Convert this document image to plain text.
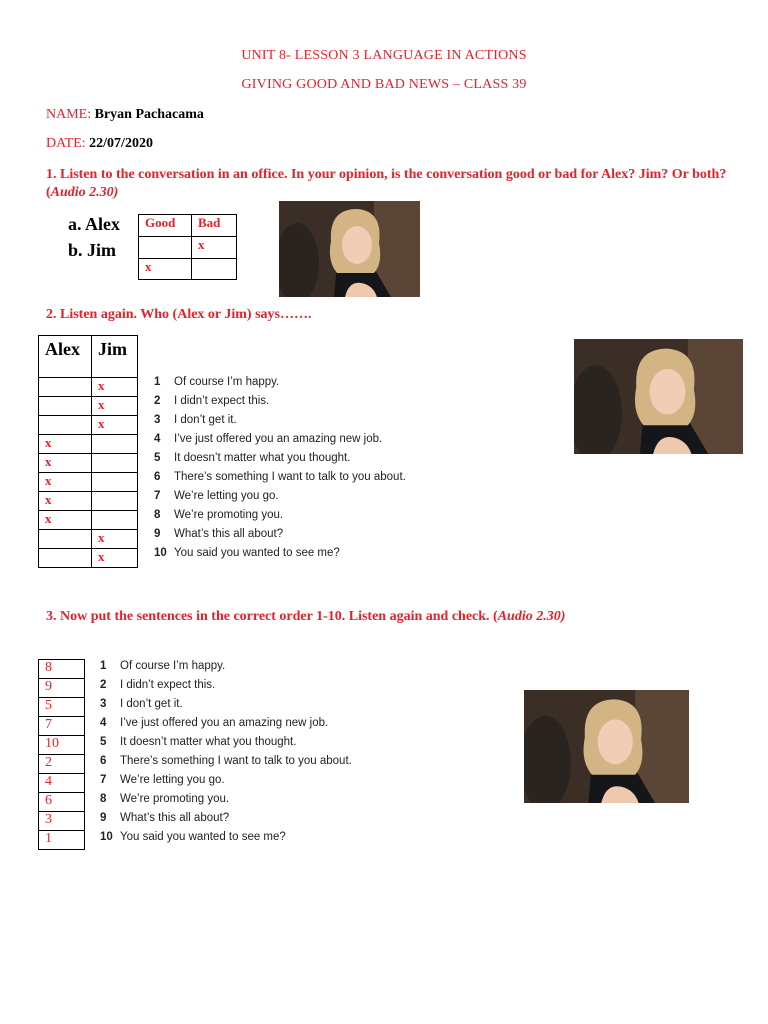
UNIT 8- LESSON 3 LANGUAGE IN ACTIONS
GIVING GOOD AND BAD NEWS – CLASS 39
NAME: Bryan Pachacama
DATE: 22/07/2020
1. Listen to the conversation in an office. In your opinion, is the conversation good or bad for Alex? Jim? Or both? (Audio 2.30)
a. Alex
b. Jim
Good	Bad
	x
x	
2. Listen again. Who (Alex or Jim) says…….
Alex	Jim
	x
	x
	x
x	
x	
x	
x	
x	
	x
	x
1 Of course I’m happy.
2 I didn’t expect this.
3 I don’t get it.
4 I’ve just offered you an amazing new job.
5 It doesn’t matter what you thought.
6 There’s something I want to talk to you about.
7 We’re letting you go.
8 We’re promoting you.
9 What’s this all about?
10 You said you wanted to see me?
3. Now put the sentences in the correct order 1-10. Listen again and check. (Audio 2.30)
8
9
5
7
10
2
4
6
3
1
1 Of course I’m happy.
2 I didn’t expect this.
3 I don’t get it.
4 I’ve just offered you an amazing new job.
5 It doesn’t matter what you thought.
6 There’s something I want to talk to you about.
7 We’re letting you go.
8 We’re promoting you.
9 What’s this all about?
10 You said you wanted to see me?
